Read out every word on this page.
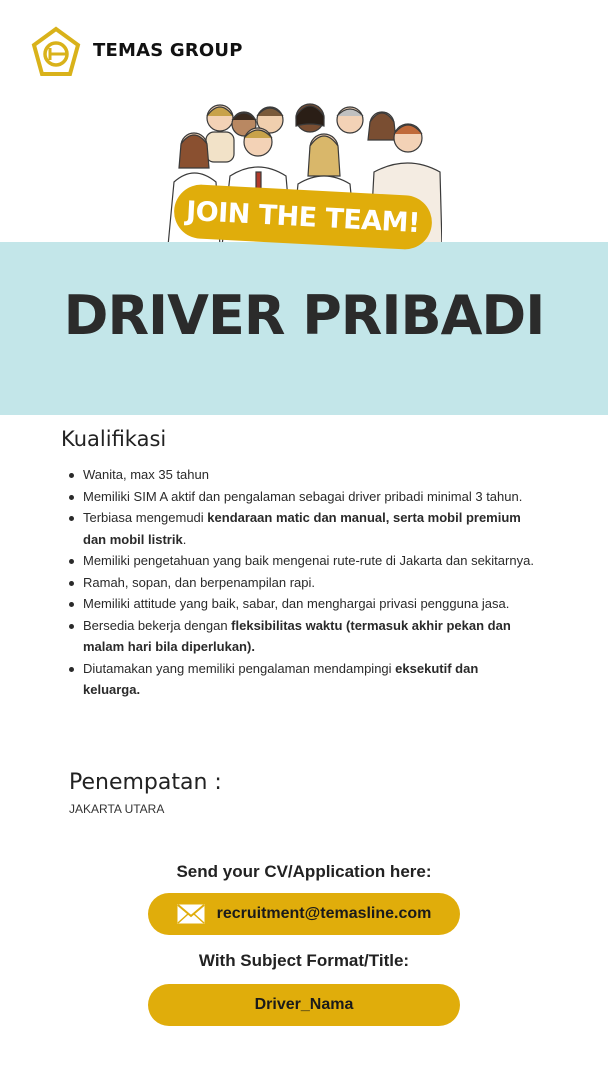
TEMAS GROUP
JOIN THE TEAM!
DRIVER PRIBADI
Kualifikasi
Wanita, max 35 tahun
Memiliki SIM A aktif dan pengalaman sebagai driver pribadi minimal 3 tahun.
Terbiasa mengemudi kendaraan matic dan manual, serta mobil premium dan mobil listrik.
Memiliki pengetahuan yang baik mengenai rute-rute di Jakarta dan sekitarnya.
Ramah, sopan, dan berpenampilan rapi.
Memiliki attitude yang baik, sabar, dan menghargai privasi pengguna jasa.
Bersedia bekerja dengan fleksibilitas waktu (termasuk akhir pekan dan malam hari bila diperlukan).
Diutamakan yang memiliki pengalaman mendampingi eksekutif dan keluarga.
Penempatan :
JAKARTA UTARA
Send your CV/Application here:
recruitment@temasline.com
With Subject Format/Title:
Driver_Nama
